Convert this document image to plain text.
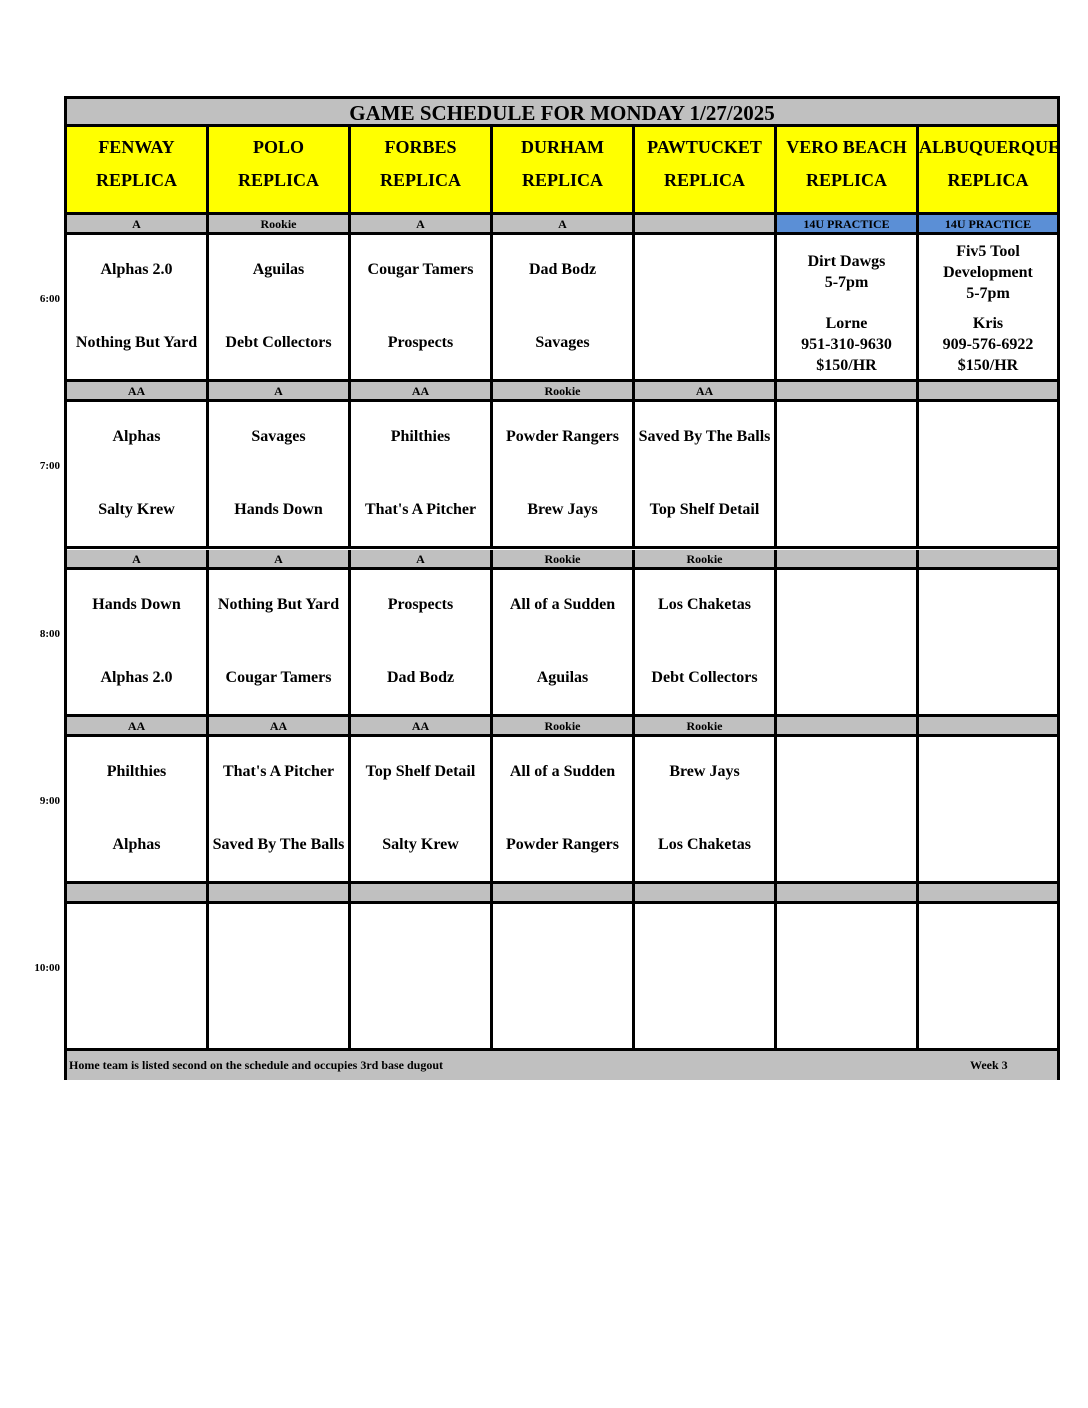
6:00
7:00
8:00
9:00
10:00
GAME SCHEDULE FOR MONDAY 1/27/2025
FENWAY
REPLICA
POLO
REPLICA
FORBES
REPLICA
DURHAM
REPLICA
PAWTUCKET
REPLICA
VERO BEACH
REPLICA
ALBUQUERQUE
REPLICA
A
Alphas 2.0
Nothing But Yard
Rookie
Aguilas
Debt Collectors
A
Cougar Tamers
Prospects
A
Dad Bodz
Savages
14U PRACTICE
Dirt Dawgs
5-7pm
Lorne
951-310-9630
$150/HR
14U PRACTICE
Fiv5 Tool
Development
5-7pm
Kris
909-576-6922
$150/HR
AA
Alphas
Salty Krew
A
Savages
Hands Down
AA
Philthies
That's A Pitcher
Rookie
Powder Rangers
Brew Jays
AA
Saved By The Balls
Top Shelf Detail
A
Hands Down
Alphas 2.0
A
Nothing But Yard
Cougar Tamers
A
Prospects
Dad Bodz
Rookie
All of a Sudden
Aguilas
Rookie
Los Chaketas
Debt Collectors
AA
Philthies
Alphas
AA
That's A Pitcher
Saved By The Balls
AA
Top Shelf Detail
Salty Krew
Rookie
All of a Sudden
Powder Rangers
Rookie
Brew Jays
Los Chaketas
Home team is listed second on the schedule and occupies 3rd base dugout	Week 3
